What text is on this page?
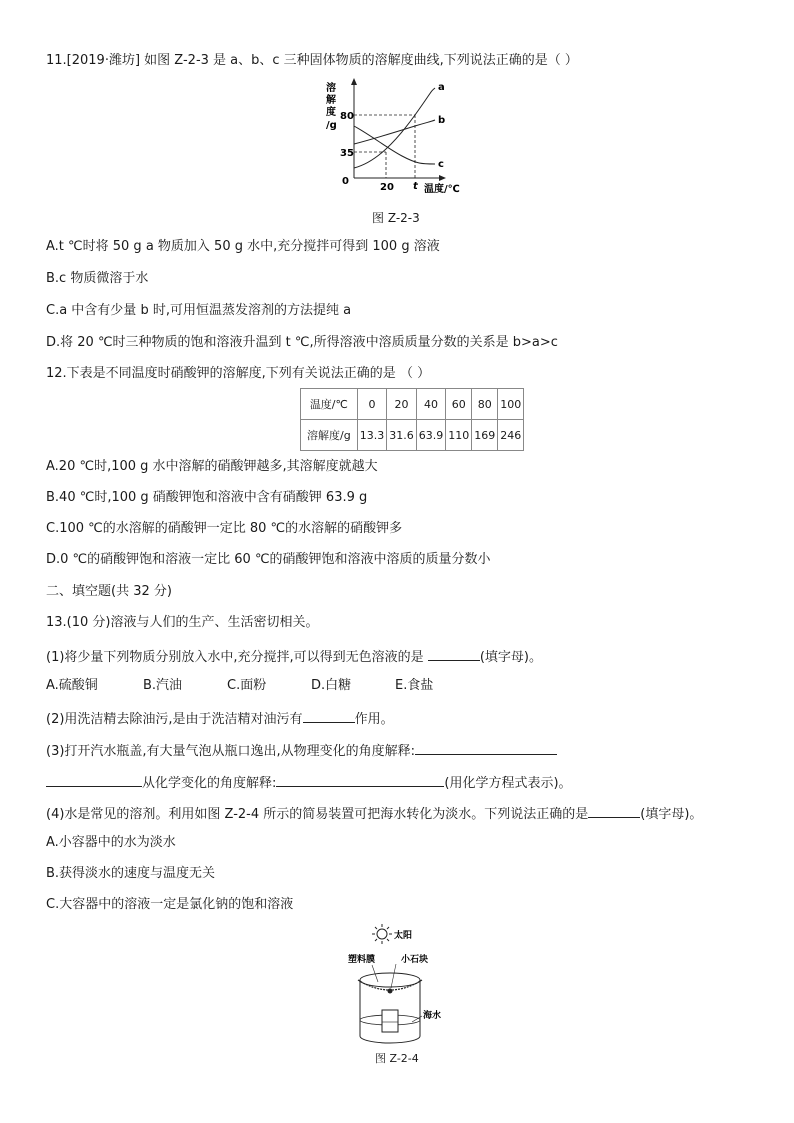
11.[2019·潍坊] 如图 Z-2-3 是 a、b、c 三种固体物质的溶解度曲线,下列说法正确的是（ ）
溶
解
度
/g
80
35
0
20 t 温度/℃
a
b
c
图 Z-2-3
A.t ℃时将 50 g a 物质加入 50 g 水中,充分搅拌可得到 100 g 溶液
B.c 物质微溶于水
C.a 中含有少量 b 时,可用恒温蒸发溶剂的方法提纯 a
D.将 20 ℃时三种物质的饱和溶液升温到 t ℃,所得溶液中溶质质量分数的关系是 b>a>c
12.下表是不同温度时硝酸钾的溶解度,下列有关说法正确的是 （ ）
温度/℃	0	20	40	60	80	100
溶解度/g	13.3	31.6	63.9	110	169	246
A.20 ℃时,100 g 水中溶解的硝酸钾越多,其溶解度就越大
B.40 ℃时,100 g 硝酸钾饱和溶液中含有硝酸钾 63.9 g
C.100 ℃的水溶解的硝酸钾一定比 80 ℃的水溶解的硝酸钾多
D.0 ℃的硝酸钾饱和溶液一定比 60 ℃的硝酸钾饱和溶液中溶质的质量分数小
二、填空题(共 32 分)
13.(10 分)溶液与人们的生产、生活密切相关。
(1)将少量下列物质分别放入水中,充分搅拌,可以得到无色溶液的是	(填字母)。
A.硫酸铜	B.汽油	C.面粉	D.白糖	E.食盐
(2)用洗洁精去除油污,是由于洗洁精对油污有	作用。
(3)打开汽水瓶盖,有大量气泡从瓶口逸出,从物理变化的角度解释:
从化学变化的角度解释:	(用化学方程式表示)。
(4)水是常见的溶剂。利用如图 Z-2-4 所示的简易装置可把海水转化为淡水。下列说法正确的是	(填字母)。
A.小容器中的水为淡水
B.获得淡水的速度与温度无关
C.大容器中的溶液一定是氯化钠的饱和溶液
太阳
塑料膜	小石块
海水
图 Z-2-4
